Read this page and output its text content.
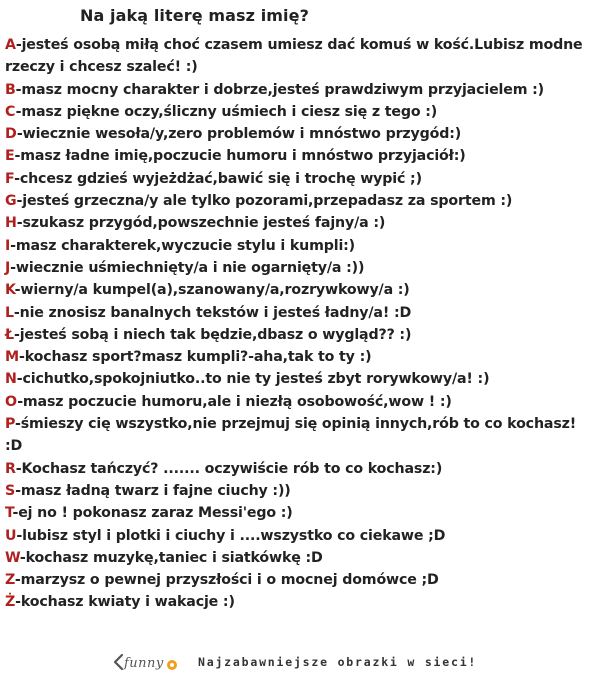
Na jaką literę masz imię?
A-jesteś osobą miłą choć czasem umiesz dać komuś w kość.Lubisz modne rzeczy i chcesz szaleć! :)
B-masz mocny charakter i dobrze,jesteś prawdziwym przyjacielem :)
C-masz piękne oczy,śliczny uśmiech i ciesz się z tego :)
D-wiecznie wesoła/y,zero problemów i mnóstwo przygód:)
E-masz ładne imię,poczucie humoru i mnóstwo przyjaciół:)
F-chcesz gdzieś wyjeżdżać,bawić się i trochę wypić ;)
G-jesteś grzeczna/y ale tylko pozorami,przepadasz za sportem :)
H-szukasz przygód,powszechnie jesteś fajny/a :)
I-masz charakterek,wyczucie stylu i kumpli:)
J-wiecznie uśmiechnięty/a i nie ogarnięty/a :))
K-wierny/a kumpel(a),szanowany/a,rozrywkowy/a :)
L-nie znosisz banalnych tekstów i jesteś ładny/a! :D
Ł-jesteś sobą i niech tak będzie,dbasz o wygląd?? :)
M-kochasz sport?masz kumpli?-aha,tak to ty :)
N-cichutko,spokojniutko..to nie ty jesteś zbyt rorywkowy/a! :)
O-masz poczucie humoru,ale i niezłą osobowość,wow ! :)
P-śmieszy cię wszystko,nie przejmuj się opinią innych,rób to co kochasz! :D
R-Kochasz tańczyć? ....... oczywiście rób to co kochasz:)
S-masz ładną twarz i fajne ciuchy :))
T-ej no ! pokonasz zaraz Messi'ego :)
U-lubisz styl i plotki i ciuchy i ....wszystko co ciekawe ;D
W-kochasz muzykę,taniec i siatkówkę :D
Z-marzysz o pewnej przyszłości i o mocnej domówce ;D
Ż-kochasz kwiaty i wakacje :)
funny	Najzabawniejsze obrazki w sieci!
